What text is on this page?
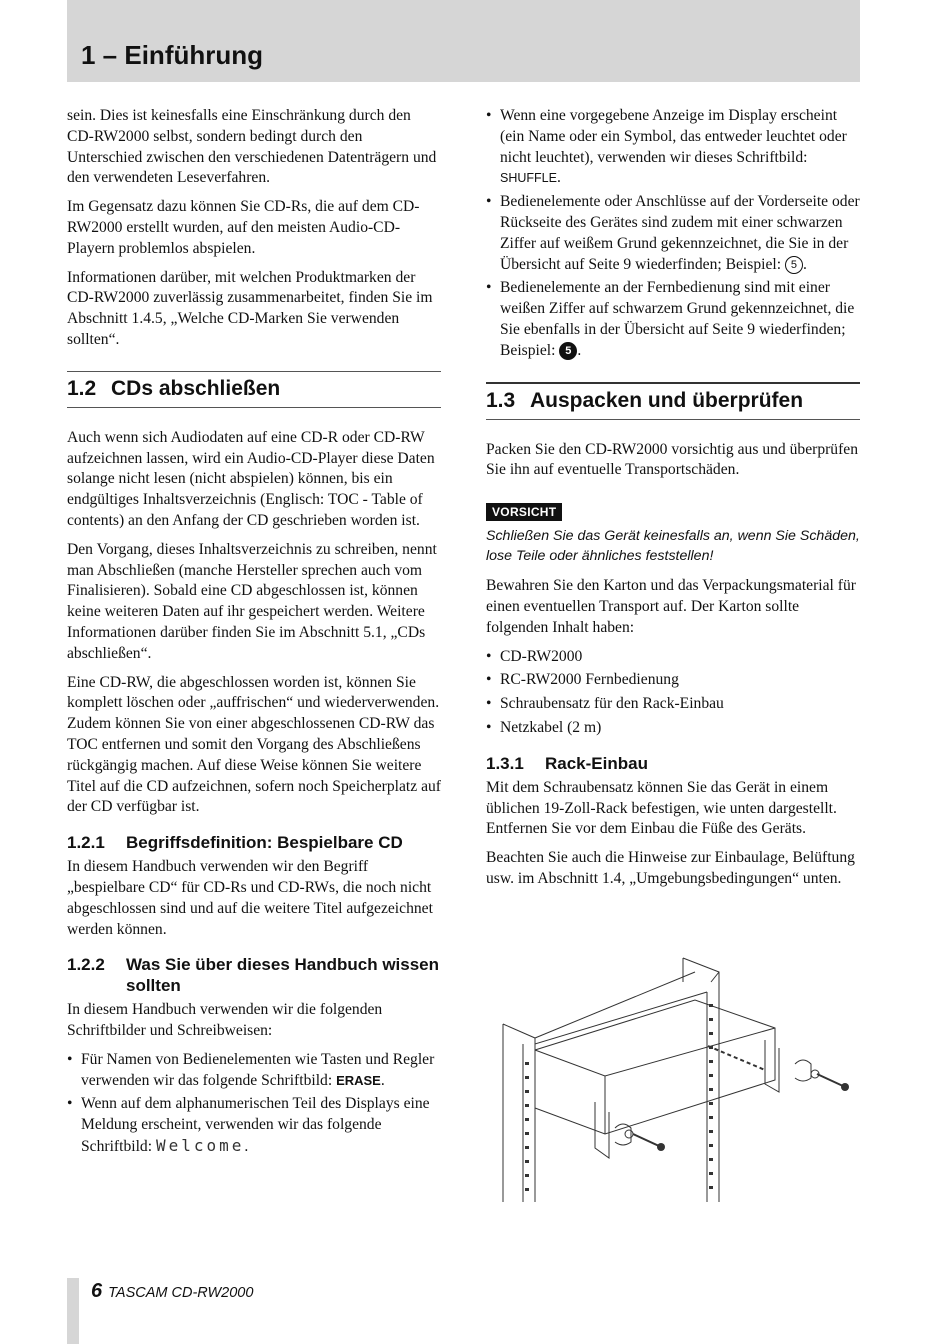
1 – Einführung

sein. Dies ist keinesfalls eine Einschränkung durch den CD-RW2000 selbst, sondern bedingt durch den Unterschied zwischen den verschiedenen Datenträgern und den verwendeten Leseverfahren.

Im Gegensatz dazu können Sie CD-Rs, die auf dem CD-RW2000 erstellt wurden, auf den meisten Audio-CD-Playern problemlos abspielen.

Informationen darüber, mit welchen Produktmarken der CD-RW2000 zuverlässig zusammenarbeitet, finden Sie im Abschnitt 1.4.5, „Welche CD-Marken Sie verwenden sollten“.

1.2 CDs abschließen

Auch wenn sich Audiodaten auf eine CD-R oder CD-RW aufzeichnen lassen, wird ein Audio-CD-Player diese Daten solange nicht lesen (nicht abspielen) können, bis ein endgültiges Inhaltsverzeichnis (Englisch: TOC - Table of contents) an den Anfang der CD geschrieben worden ist.

Den Vorgang, dieses Inhaltsverzeichnis zu schreiben, nennt man Abschließen (manche Hersteller sprechen auch vom Finalisieren). Sobald eine CD abgeschlossen ist, können keine weiteren Daten auf ihr gespeichert werden. Weitere Informationen darüber finden Sie im Abschnitt 5.1, „CDs abschließen“.

Eine CD-RW, die abgeschlossen worden ist, können Sie komplett löschen oder „auffrischen“ und wiederverwenden. Zudem können Sie von einer abgeschlossenen CD-RW das TOC entfernen und somit den Vorgang des Abschließens rückgängig machen. Auf diese Weise können Sie weitere Titel auf die CD aufzeichnen, sofern noch Speicherplatz auf der CD verfügbar ist.

1.2.1	Begriffsdefinition: Bespielbare CD

In diesem Handbuch verwenden wir den Begriff „bespielbare CD“ für CD-Rs und CD-RWs, die noch nicht abgeschlossen sind und auf die weitere Titel aufgezeichnet werden können.

1.2.2	Was Sie über dieses Handbuch wissen sollten

In diesem Handbuch verwenden wir die folgenden Schriftbilder und Schreibweisen:

• Für Namen von Bedienelementen wie Tasten und Regler verwenden wir das folgende Schriftbild: ERASE.
• Wenn auf dem alphanumerischen Teil des Displays eine Meldung erscheint, verwenden wir das folgende Schriftbild: Welcome.
• Wenn eine vorgegebene Anzeige im Display erscheint (ein Name oder ein Symbol, das entweder leuchtet oder nicht leuchtet), verwenden wir dieses Schriftbild: SHUFFLE.
• Bedienelemente oder Anschlüsse auf der Vorderseite oder Rückseite des Gerätes sind zudem mit einer schwarzen Ziffer auf weißem Grund gekennzeichnet, die Sie in der Übersicht auf Seite 9 wiederfinden; Beispiel: 5 .
• Bedienelemente an der Fernbedienung sind mit einer weißen Ziffer auf schwarzem Grund gekennzeichnet, die Sie ebenfalls in der Übersicht auf Seite 9 wiederfinden; Beispiel: 5 .
1.3 Auspacken und überprüfen

Packen Sie den CD-RW2000 vorsichtig aus und überprüfen Sie ihn auf eventuelle Transportschäden.

VORSICHT
Schließen Sie das Gerät keinesfalls an, wenn Sie Schäden, lose Teile oder ähnliches feststellen!

Bewahren Sie den Karton und das Verpackungsmaterial für einen eventuellen Transport auf. Der Karton sollte folgenden Inhalt haben:

• CD-RW2000
• RC-RW2000 Fernbedienung
• Schraubensatz für den Rack-Einbau
• Netzkabel (2 m)
1.3.1	Rack-Einbau

Mit dem Schraubensatz können Sie das Gerät in einem üblichen 19-Zoll-Rack befestigen, wie unten dargestellt. Entfernen Sie vor dem Einbau die Füße des Geräts.

Beachten Sie auch die Hinweise zur Einbaulage, Belüftung usw. im Abschnitt 1.4, „Umgebungsbedingungen“ unten.

6 TASCAM CD-RW2000
